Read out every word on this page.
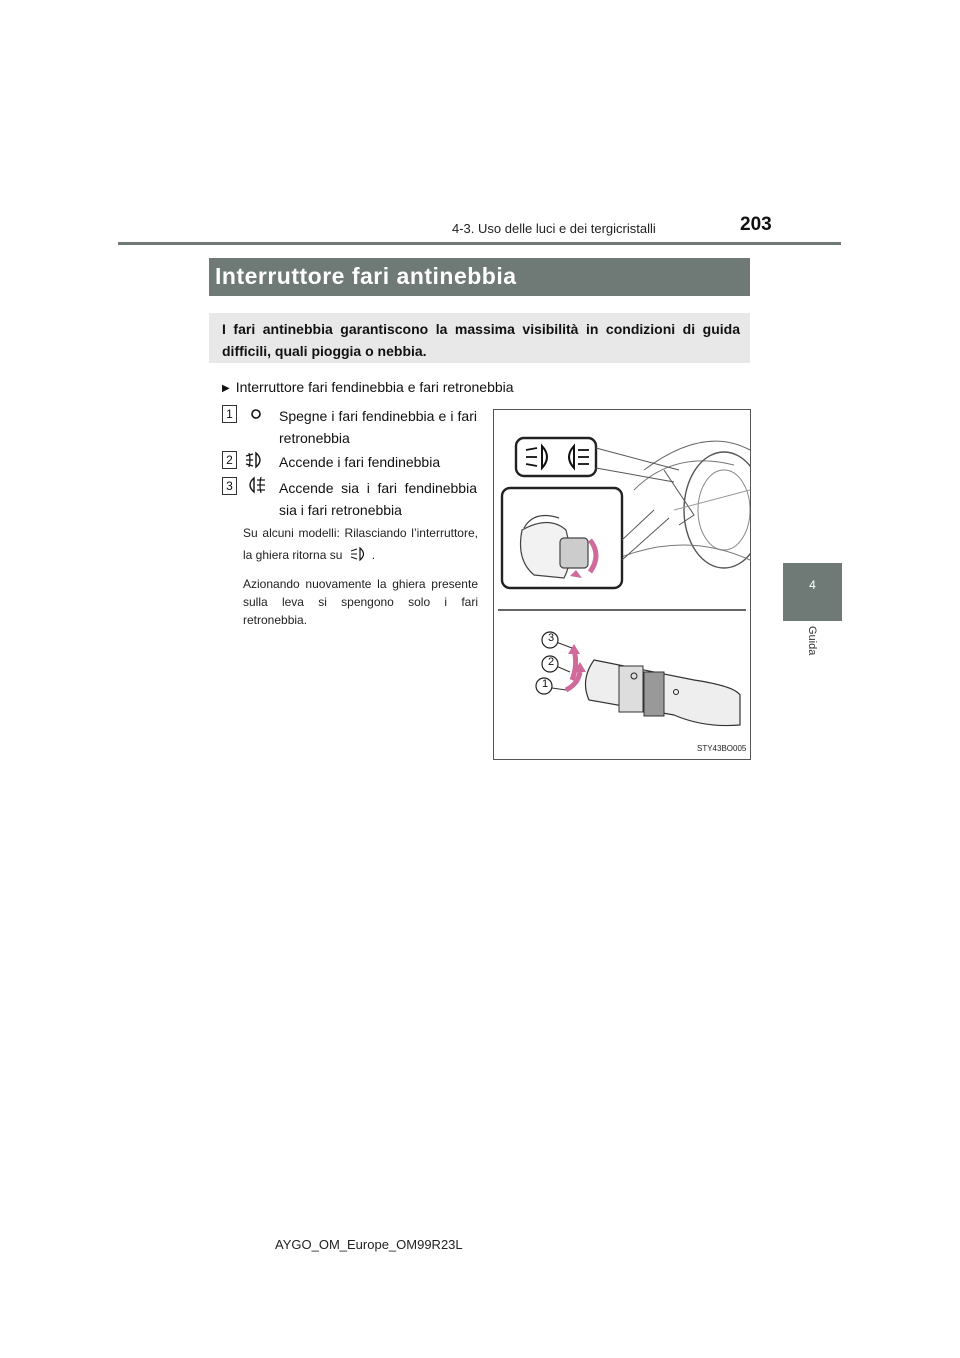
4-3. Uso delle luci e dei tergicristalli	203
4
Guida
Interruttore fari antinebbia
I fari antinebbia garantiscono la massima visibilità in condizioni di guida difficili, quali pioggia o nebbia.
▶ Interruttore fari fendinebbia e fari retronebbia
1	Spegne i fari fendinebbia e i fari retronebbia
2	Accende i fari fendinebbia
3	Accende sia i fari fendinebbia sia i fari retronebbia
Su alcuni modelli: Rilasciando l’interruttore, la ghiera ritorna su .
Azionando nuovamente la ghiera presente sulla leva si spengono solo i fari retronebbia.
3
2
1
STY43BO005
AYGO_OM_Europe_OM99R23L
